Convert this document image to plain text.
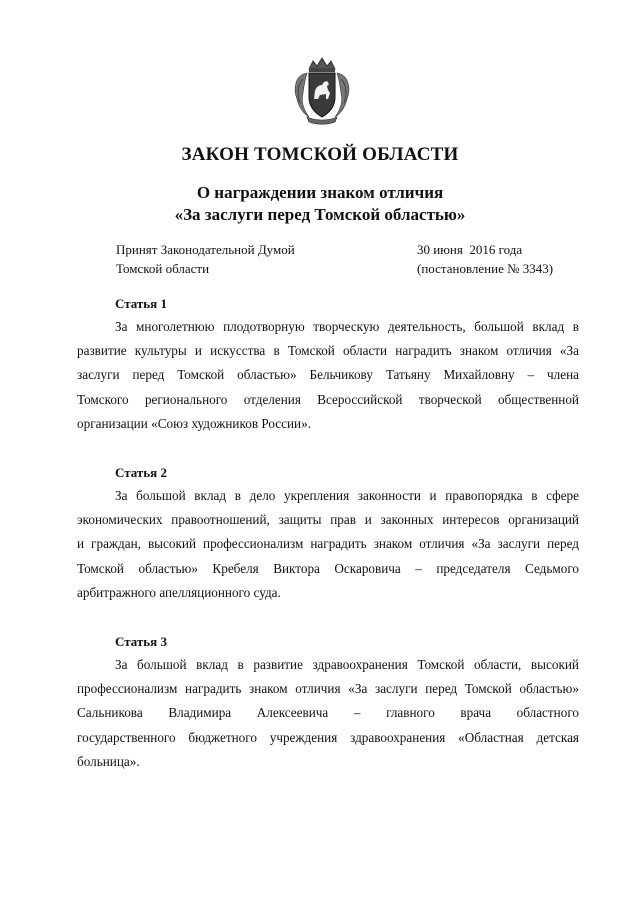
ЗАКОН ТОМСКОЙ ОБЛАСТИ
О награждении знаком отличия
«За заслуги перед Томской областью»
Принят Законодательной Думой
Томской области
30 июня  2016 года
(постановление № 3343)
Статья 1
За многолетнюю плодотворную творческую деятельность, большой вклад в
развитие культуры и искусства в Томской области наградить знаком отличия «За
заслуги перед Томской областью» Бельчикову Татьяну Михайловну – члена
Томского регионального отделения Всероссийской творческой общественной
организации «Союз художников России».
Статья 2
За большой вклад в дело укрепления законности и правопорядка в сфере
экономических правоотношений, защиты прав и законных интересов организаций
и граждан, высокий профессионализм наградить знаком отличия «За заслуги перед
Томской областью» Кребеля Виктора Оскаровича – председателя Седьмого
арбитражного апелляционного суда.
Статья 3
За большой вклад в развитие здравоохранения Томской области, высокий
профессионализм наградить знаком отличия «За заслуги перед Томской областью»
Сальникова Владимира Алексеевича – главного врача областного
государственного бюджетного учреждения здравоохранения «Областная детская
больница».
